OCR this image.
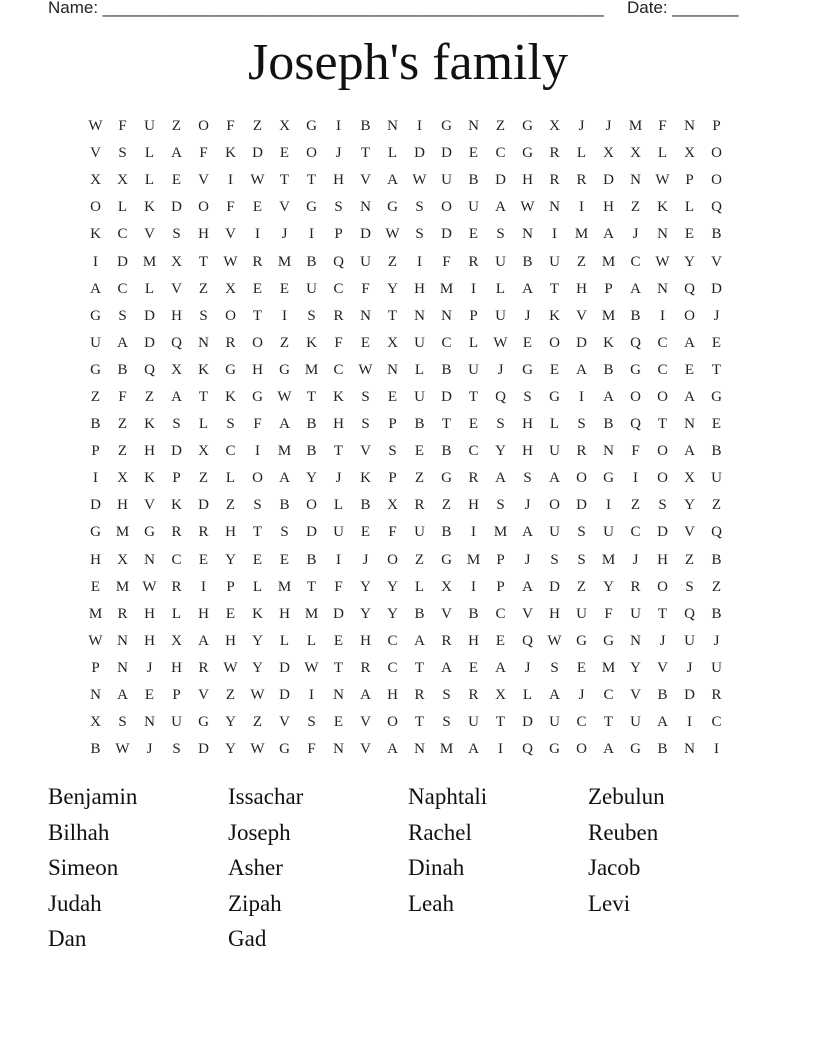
Name: _____________________________________________________ Date: _______
Joseph's family
W	F	U	Z	O	F	Z	X	G	I	B	N	I	G	N	Z	G	X	J	J	M	F	N	P
V	S	L	A	F	K	D	E	O	J	T	L	D	D	E	C	G	R	L	X	X	L	X	O
X	X	L	E	V	I	W	T	T	H	V	A W U	B	D	H	R	R	D	N W	P	O
O	L	K	D	O	F	E	V	G	S	N	G	S	O	U	A W N	I	H	Z	K	L	Q
K	C	V	S	H	V	I	J	I	P	D W	S	D	E	S	N	I	M A	J	N	E	B
I	D M X	T	W R	M	B	Q	U	Z	I	F	R	U	B	U	Z	M	C W Y	V
A	C	L	V	Z	X	E	E	U	C	F	Y	H M	I	L	A	T	H	P	A	N	Q	D
G	S	D	H	S	O	T	I	S	R	N	T	N	N	P	U	J	K	V M	B	I	O	J
U	A	D	Q	N	R	O	Z	K	F	E	X	U	C	L	W	E	O	D	K	Q	C	A	E
G	B	Q	X	K	G	H	G M	C W N	L	B	U	J	G	E	A	B	G	C	E	T
Z	F	Z	A	T	K	G W	T	K	S	E	U	D	T	Q	S	G	I	A	O	O	A	G
B	Z	K	S	L	S	F	A	B	H	S	P	B	T	E	S	H	L	S	B	Q	T	N	E
P	Z	H	D	X	C	I	M	B	T	V	S	E	B	C	Y	H	U	R	N	F	O	A	B
I	X	K	P	Z	L	O	A	Y	J	K	P	Z	G	R	A	S	A	O	G	I	O	X	U
D	H	V	K	D	Z	S	B	O	L	B	X	R	Z	H	S	J	O	D	I	Z	S	Y	Z
G M G	R	R	H	T	S	D	U	E	F	U	B	I	M A	U	S	U	C	D	V	Q
H	X	N	C	E	Y	E	E	B	I	J	O	Z	G M	P	J	S	S	M	J	H	Z	B
E	M W R	I	P	L	M	T	F	Y	Y	L	X	I	P	A	D	Z	Y	R	O	S	Z
M	R	H	L	H	E	K	H M D	Y	Y	B	V	B	C	V	H	U	F	U	T	Q	B
W N	H	X	A	H	Y	L	L	E	H	C	A	R	H	E	Q W G	G	N	J	U	J
P	N	J	H	R W Y	D W	T	R	C	T	A	E	A	J	S	E	M Y	V	J	U
N	A	E	P	V	Z	W D	I	N	A	H	R	S	R	X	L	A	J	C	V	B	D	R
X	S	N	U	G	Y	Z	V	S	E	V	O	T	S	U	T	D	U	C	T	U	A	I	C
B W	J	S	D	Y W G	F	N	V	A	N M A	I	Q	G	O	A	G	B	N	I
Benjamin	Issachar	Naphtali	Zebulun
Bilhah	Joseph	Rachel	Reuben
Simeon	Asher	Dinah	Jacob
Judah	Zipah	Leah	Levi
Dan	Gad
